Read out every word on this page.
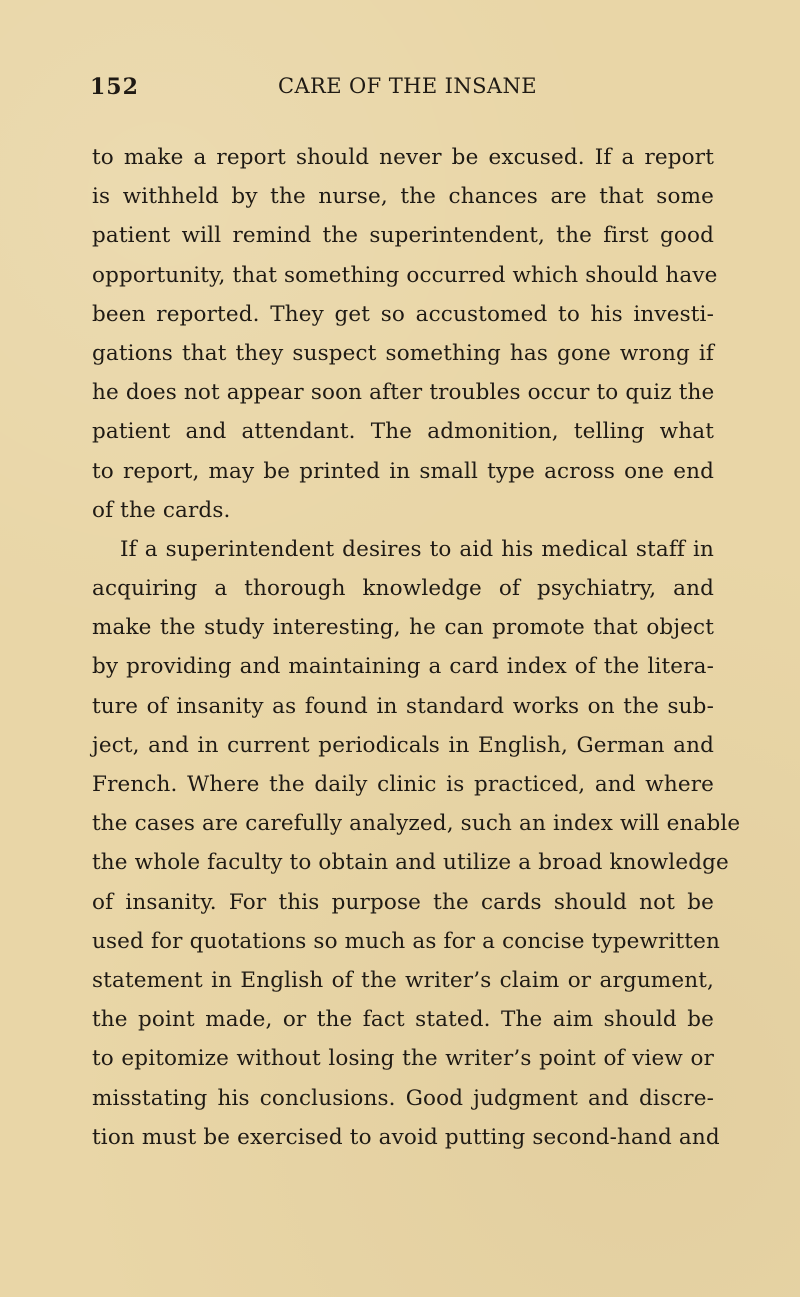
152	CARE OF THE INSANE
to make a report should never be excused. If a report
is withheld by the nurse, the chances are that some
patient will remind the superintendent, the first good
opportunity, that something occurred which should have
been reported. They get so accustomed to his investi-
gations that they suspect something has gone wrong if
he does not appear soon after troubles occur to quiz the
patient and attendant. The admonition, telling what
to report, may be printed in small type across one end
of the cards.
If a superintendent desires to aid his medical staff in
acquiring a thorough knowledge of psychiatry, and
make the study interesting, he can promote that object
by providing and maintaining a card index of the litera-
ture of insanity as found in standard works on the sub-
ject, and in current periodicals in English, German and
French. Where the daily clinic is practiced, and where
the cases are carefully analyzed, such an index will enable
the whole faculty to obtain and utilize a broad knowledge
of insanity. For this purpose the cards should not be
used for quotations so much as for a concise typewritten
statement in English of the writer’s claim or argument,
the point made, or the fact stated. The aim should be
to epitomize without losing the writer’s point of view or
misstating his conclusions. Good judgment and discre-
tion must be exercised to avoid putting second-hand and
